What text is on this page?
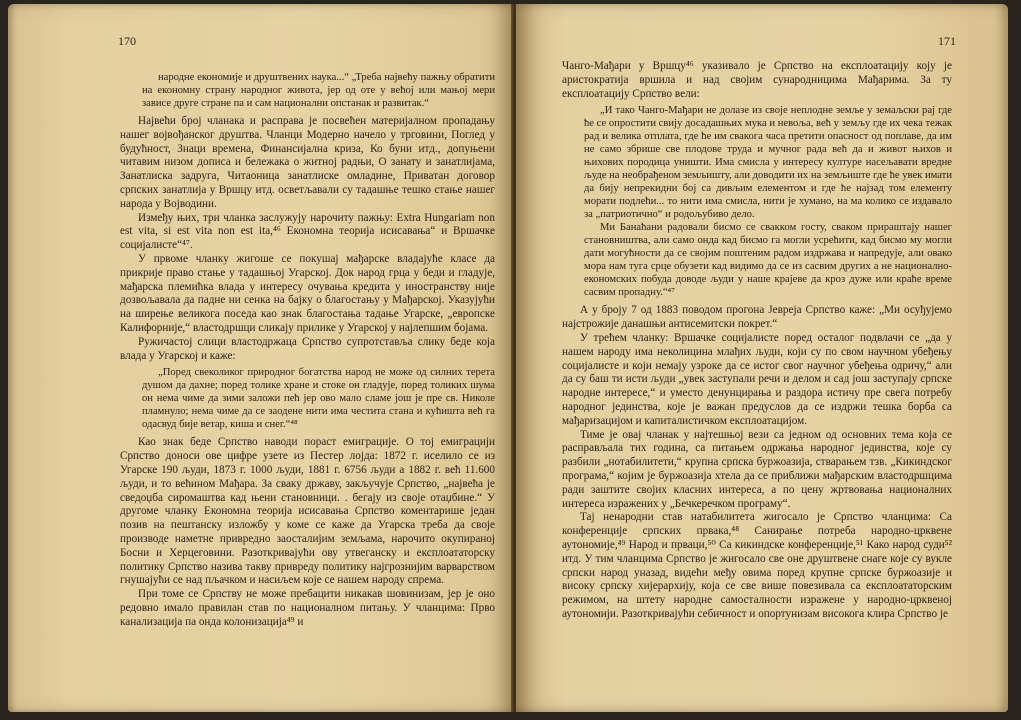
170

народне економије и друштвених наука...“ „Треба највећу пажњу обратити на економну страну народног живота, јер од оте у већој или мањој мери зависе друге стране па и сам национални опстанак и развитак.“

Највећи број чланака и расправа је посвећен материјалном пропадању нашег војвођанског друштва. Чланци Модерно начело у трговини, Поглед у будућност, Знаци времена, Финансијална криза, Ко буни итд., допуњени читавим низом дописа и бележака о житној радњи, О занату и занатлијама, Занатлиска задруга, Читаоница занатлиске омладине, Приватан договор српских занатлија у Вршцу итд. осветљавали су тадашње тешко стање нашег народа у Војводини.

Између њих, три чланка заслужују нарочиту пажњу: Extra Hungariam non est vita, si est vita non est ita,⁴⁶ Економна теорија исисавања“ и Вршачке социјалисте“⁴⁷.

У првоме чланку жигоше се покушај мађарске владајуће класе да прикрије право стање у тадашњој Угарској. Док народ грца у беди и гладује, мађарска племићка влада у интересу очувања кредита у иностранству није дозвољавала да падне ни сенка на бајку о благостању у Мађарској. Указујући на ширење великога поседа као знак благостања тадање Угарске, „европске Калифорније,“ властодршци сликају прилике у Угарској у најлепшим бојама.

Ружичастој слици властодржаца Српство супротставља слику беде која влада у Угарској и каже:

„Поред свеколиког природног богатства народ не може од силних терета душом да дахне; поред толике хране и стоке он гладује, поред толиких шума он нема чиме да зими заложи пећ јер ово мало сламе још је пре св. Николе пламнуло; нема чиме да се заодене нити има честита стана и кућишта већ га одасвуд бије ветар, киша и снег.“⁴⁸

Као знак беде Српство наводи пораст емиграције. О тој емиграцији Српство доноси ове цифре узете из Пестер лојда: 1872 г. иселило се из Угарске 190 људи, 1873 г. 1000 људи, 1881 г. 6756 људи а 1882 г. већ 11.600 људи, и то већином Мађара. За сваку државу, закључује Српство, „највећа је сведоџба сиромаштва кад њени становници. . бегају из своје отаџбине.“ У другоме чланку Економна теорија исисавања Српство коментарише један позив на пештанску изложбу у коме се каже да Угарска треба да своје производе наметне привредно заосталијим земљама, нарочито окупираној Босни и Херцеговини. Разоткривајући ову утвеганску и експлоататорску политику Српство назива такву привреду политику најгрознијим варварством гнушајући се над пљачком и насиљем које се нашем народу спрема.

При томе се Српству не може пребацити никакав шовинизам, јер је оно редовно имало правилан став по националном питању. У чланцима: Прво канализација па онда колонизација⁴⁹ и

171

Чанго-Мађари у Вршцу⁴⁶ указивало је Српство на експлоатацију коју је аристократија вршила и над својим сународницима Мађарима. За ту експлоатацију Српство вели:

„И тако Чанго-Мађари не долазе из своје неплодне земље у земаљски рај где ће се опростити свију досадашњих мука и невоља, већ у земљу где их чека тежак рад и велика отплата, где ће им свакога часа претити опасност од поплаве, да им не само збрише све плодове труда и мучног рада већ да и живот њихов и њихових породица уништи. Има смисла у интересу културе насељавати вредне људе на необрађеном земљишту, али доводити их на земљиште где ће увек имати да бију непрекидни бој са дивљим елементом и где ће најзад том елементу морати подлећи... то нити има смисла, нити је хумано, на ма колико се издавало за „патриотично“ и родољубиво дело.

Ми Банаћани радовали бисмо се свакком госту, сваком прираштају нашег становништва, али само онда кад бисмо га могли усрећити, кад бисмо му могли дати могућности да се својим поштеним радом издржава и напредује, али овако мора нам туга срце обузети кад видимо да се из сасвим других а не национално-економских побуда доводе људи у наше крајеве да кроз дуже или краће време сасвим пропадну.“⁴⁷

А у броју 7 од 1883 поводом прогона Јевреја Српство каже: „Ми осуђујемо најстрожије данашњи антисемитски покрет.“

У трећем чланку: Вршачке социјалисте поред осталог подвлачи се „да у нашем народу има неколицина млађих људи, који су по свом научном убеђењу социјалисте и који немају узроке да се истог свог научног убеђења одричу,“ али да су баш ти исти људи „увек заступали речи и делом и сад још заступају српске народне интересе,“ и уместо денунцирања и раздора истичу пре свега потребу народног јединства, које је важан предуслов да се издржи тешка борба са мађаризацијом и капиталистичком експлоатацијом.

Тиме је овај чланак у најтешњој вези са једном од основних тема која се расправљала тих година, са питањем одржања народног јединства, које су разбили „нотабилитети,“ крупна српска буржоазија, стварањем тзв. „Кикиндског програма,“ којим је буржоазија хтела да се приближи мађарским властодршцима ради заштите својих класних интереса, а по цену жртвовања националних интереса изражених у „Бечкеречком програму“.

Тај ненародни став натабилитета жигосало је Српство чланцима: Са конференције српских првака,⁴⁸ Санирање потреба народно-црквене аутономије,⁴⁹ Народ и прваци,⁵⁰ Са кикиндске конференције,⁵¹ Како народ суди⁵² итд. У тим чланцима Српство је жигосало све оне друштвене снаге које су вукле српски народ уназад, видећи међу овима поред крупне српске буржоазије и високу српску хијерархију, која се све више повезивала са експлоататорским режимом, на штету народне самосталности изражене у народно-црквеној аутономији. Разоткривајући себичност и опортунизам високога клира Српство је
